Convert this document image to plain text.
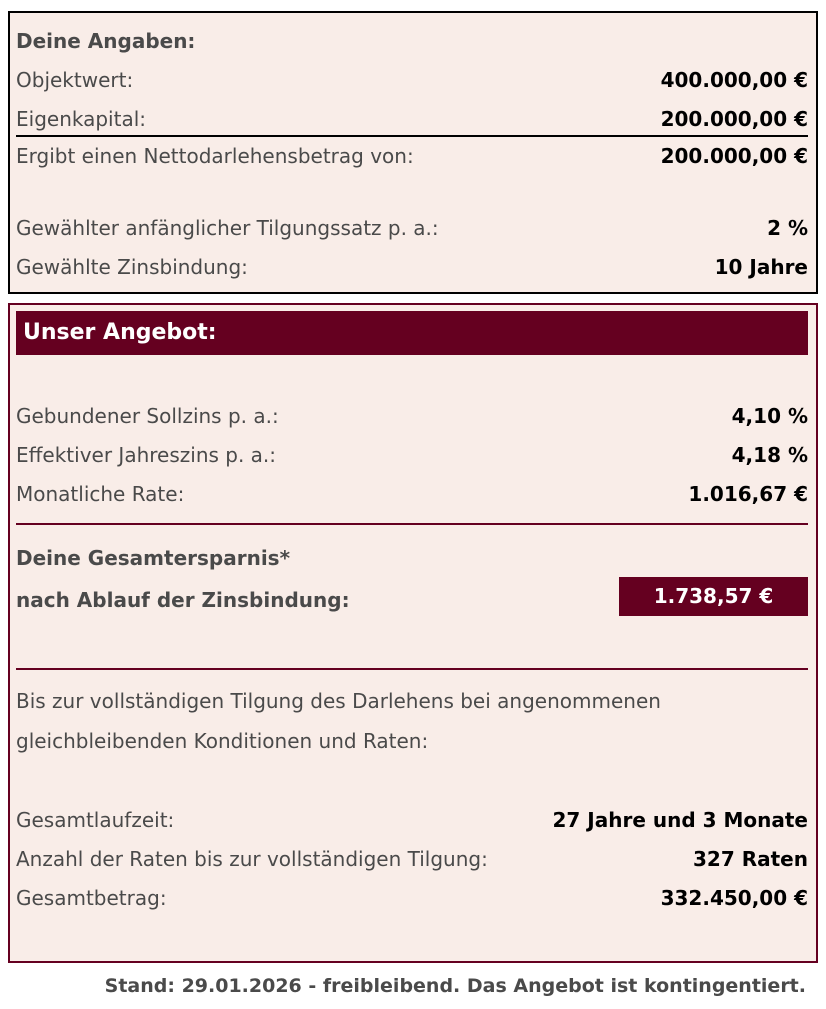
Deine Angaben:
Objektwert:	400.000,00 €
Eigenkapital:	200.000,00 €
Ergibt einen Nettodarlehensbetrag von:	200.000,00 €
Gewählter anfänglicher Tilgungssatz p. a.:	2 %
Gewählte Zinsbindung:	10 Jahre
Unser Angebot:
Gebundener Sollzins p. a.:	4,10 %
Effektiver Jahreszins p. a.:	4,18 %
Monatliche Rate:	1.016,67 €
Deine Gesamtersparnis*
nach Ablauf der Zinsbindung:	1.738,57 €
Bis zur vollständigen Tilgung des Darlehens bei angenommenen
gleichbleibenden Konditionen und Raten:
Gesamtlaufzeit:	27 Jahre und 3 Monate
Anzahl der Raten bis zur vollständigen Tilgung:	327 Raten
Gesamtbetrag:	332.450,00 €
Stand: 29.01.2026 - freibleibend. Das Angebot ist kontingentiert.
